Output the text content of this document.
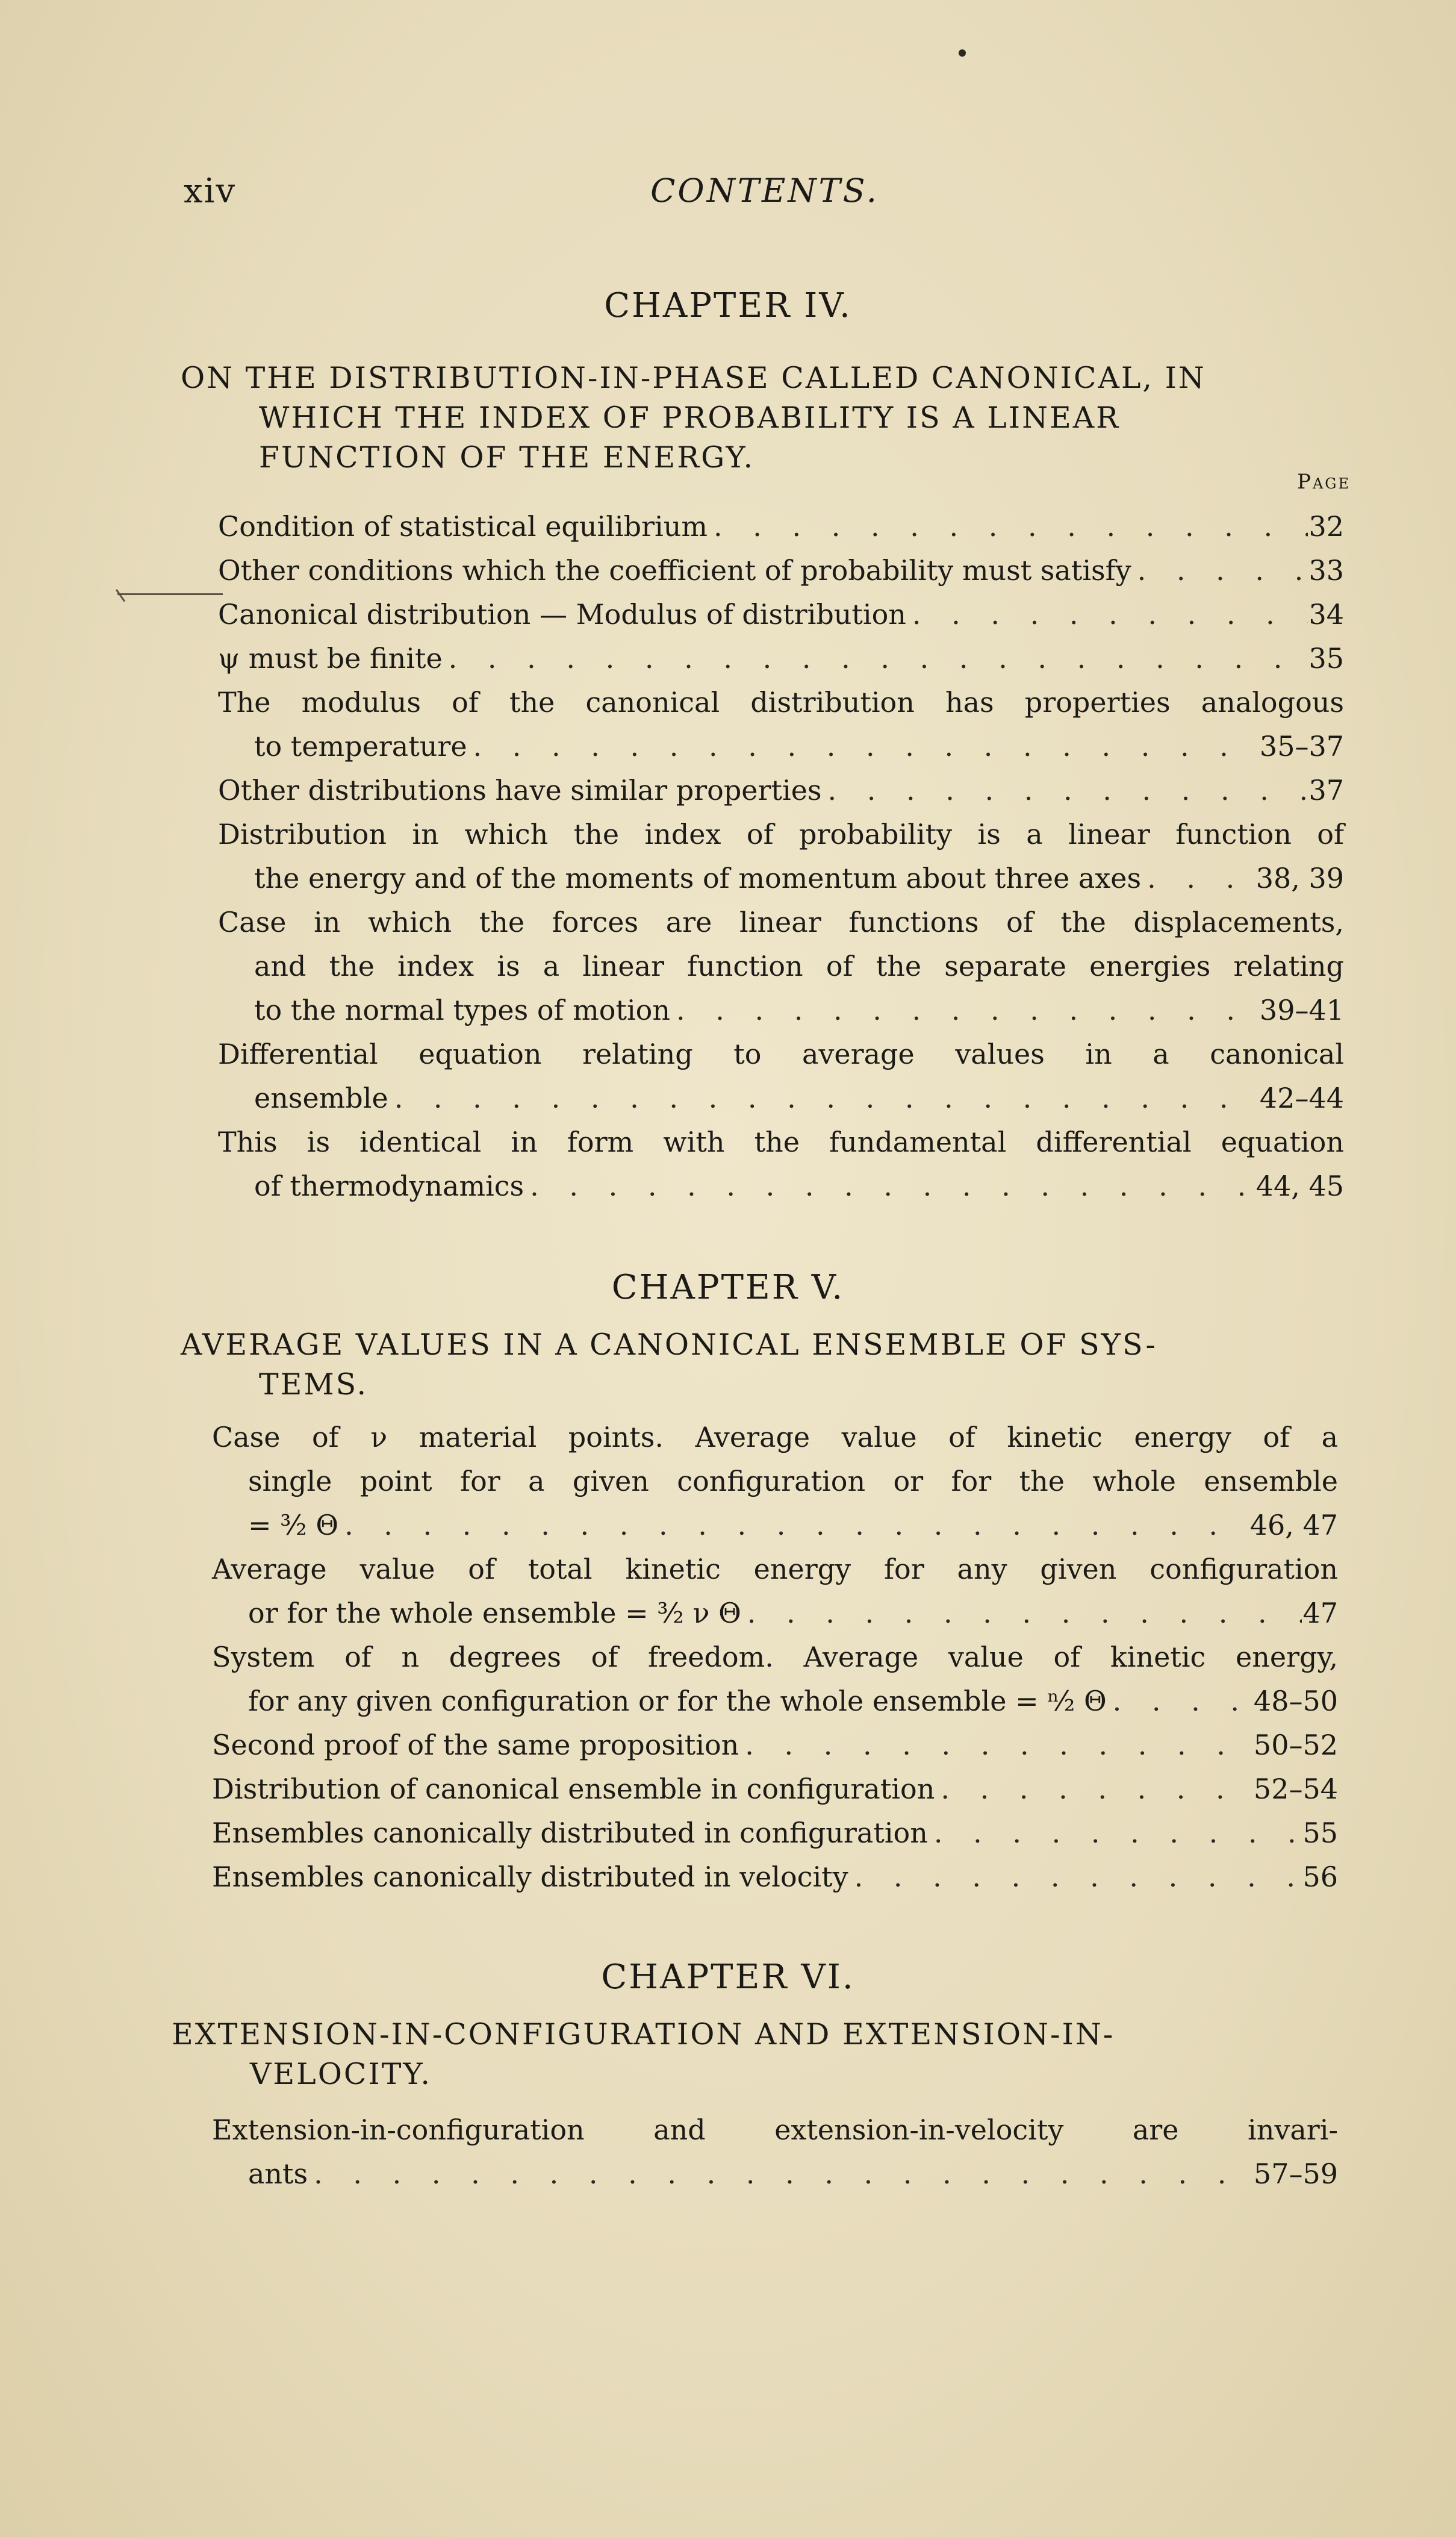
xiv	CONTENTS.
CHAPTER IV.
ON THE DISTRIBUTION-IN-PHASE CALLED CANONICAL, IN
WHICH THE INDEX OF PROBABILITY IS A LINEAR
FUNCTION OF THE ENERGY.
Page
Condition of statistical equilibrium . . .	32
Other conditions which the coefficient of probability must satisfy . . .	33
Canonical distribution — Modulus of distribution . . .	34
ψ must be finite . . .	35
The modulus of the canonical distribution has properties analogous
to temperature . . .	35–37
Other distributions have similar properties . . .	37
Distribution in which the index of probability is a linear function of
the energy and of the moments of momentum about three axes . . .	38, 39
Case in which the forces are linear functions of the displacements,
and the index is a linear function of the separate energies relating
to the normal types of motion . . .	39–41
Differential equation relating to average values in a canonical
ensemble . . .	42–44
This is identical in form with the fundamental differential equation
of thermodynamics . . .	44, 45
CHAPTER V.
AVERAGE VALUES IN A CANONICAL ENSEMBLE OF SYS-
TEMS.
Case of ν material points. Average value of kinetic energy of a
single point for a given configuration or for the whole ensemble
= ³⁄₂ Θ . . .	46, 47
Average value of total kinetic energy for any given configuration
or for the whole ensemble = ³⁄₂ ν Θ . . .	47
System of n degrees of freedom. Average value of kinetic energy,
for any given configuration or for the whole ensemble = ⁿ⁄₂ Θ . . .	48–50
Second proof of the same proposition . . .	50–52
Distribution of canonical ensemble in configuration . . .	52–54
Ensembles canonically distributed in configuration . . .	55
Ensembles canonically distributed in velocity . . .	56
CHAPTER VI.
EXTENSION-IN-CONFIGURATION AND EXTENSION-IN-
VELOCITY.
Extension-in-configuration and extension-in-velocity are invari-
ants . . .	57–59
